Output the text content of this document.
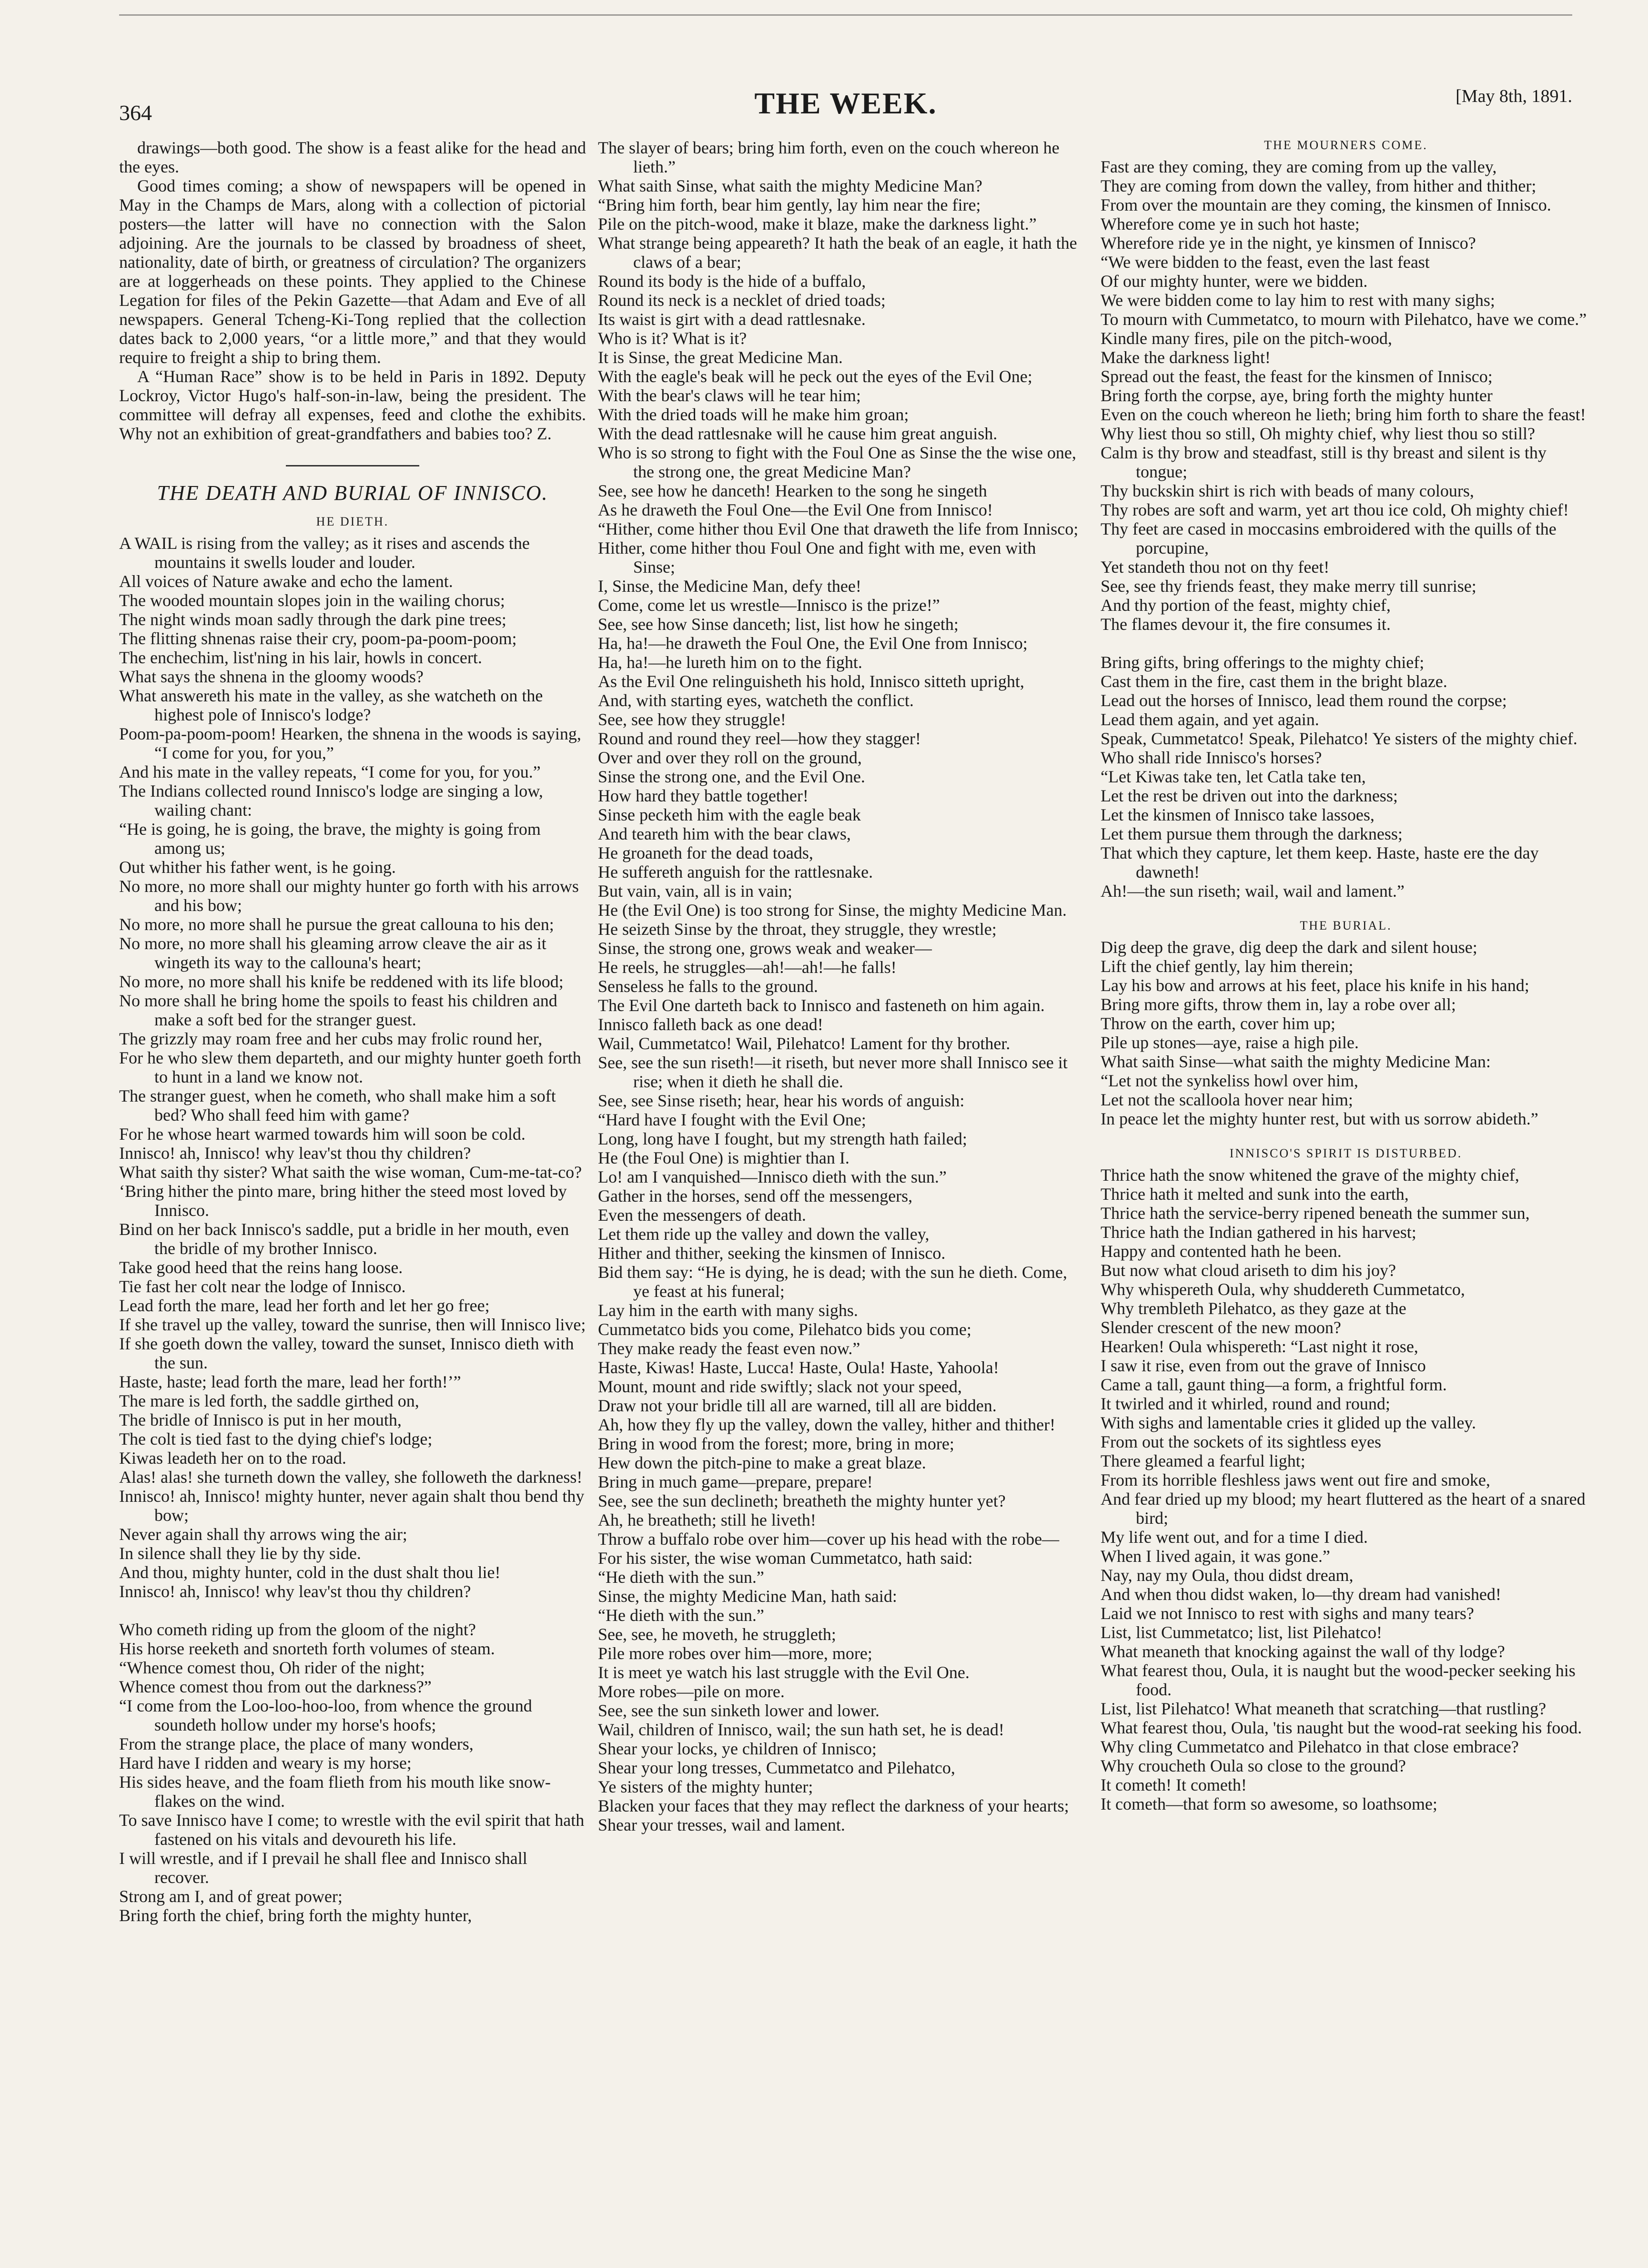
364	THE WEEK.	[May 8th, 1891.

drawings—both good. The show is a feast alike for the head and the eyes.

Good times coming; a show of newspapers will be opened in May in the Champs de Mars, along with a collection of pictorial posters—the latter will have no connection with the Salon adjoining. Are the journals to be classed by broadness of sheet, nationality, date of birth, or greatness of circulation? The organizers are at loggerheads on these points. They applied to the Chinese Legation for files of the Pekin Gazette—that Adam and Eve of all newspapers. General Tcheng-Ki-Tong replied that the collection dates back to 2,000 years, “or a little more,” and that they would require to freight a ship to bring them.

A “Human Race” show is to be held in Paris in 1892. Deputy Lockroy, Victor Hugo's half-son-in-law, being the president. The committee will defray all expenses, feed and clothe the exhibits. Why not an exhibition of great-grandfathers and babies too? Z.

THE DEATH AND BURIAL OF INNISCO.
HE DIETH.
A WAIL is rising from the valley; as it rises and ascends the mountains it swells louder and louder.
All voices of Nature awake and echo the lament.
The wooded mountain slopes join in the wailing chorus;
The night winds moan sadly through the dark pine trees;
The flitting shnenas raise their cry, poom-pa-poom-poom;
The enchechim, list'ning in his lair, howls in concert.
What says the shnena in the gloomy woods?
What answereth his mate in the valley, as she watcheth on the highest pole of Innisco's lodge?
Poom-pa-poom-poom! Hearken, the shnena in the woods is saying, “I come for you, for you,”
And his mate in the valley repeats, “I come for you, for you.”
The Indians collected round Innisco's lodge are singing a low, wailing chant:
“He is going, he is going, the brave, the mighty is going from among us;
Out whither his father went, is he going.
No more, no more shall our mighty hunter go forth with his arrows and his bow;
No more, no more shall he pursue the great callouna to his den;
No more, no more shall his gleaming arrow cleave the air as it wingeth its way to the callouna's heart;
No more, no more shall his knife be reddened with its life blood;
No more shall he bring home the spoils to feast his children and make a soft bed for the stranger guest.
The grizzly may roam free and her cubs may frolic round her,
For he who slew them departeth, and our mighty hunter goeth forth to hunt in a land we know not.
The stranger guest, when he cometh, who shall make him a soft bed? Who shall feed him with game?
For he whose heart warmed towards him will soon be cold.
Innisco! ah, Innisco! why leav'st thou thy children?
What saith thy sister? What saith the wise woman, Cum-me-tat-co?
‘Bring hither the pinto mare, bring hither the steed most loved by Innisco.
Bind on her back Innisco's saddle, put a bridle in her mouth, even the bridle of my brother Innisco.
Take good heed that the reins hang loose.
Tie fast her colt near the lodge of Innisco.
Lead forth the mare, lead her forth and let her go free;
If she travel up the valley, toward the sunrise, then will Innisco live;
If she goeth down the valley, toward the sunset, Innisco dieth with the sun.
Haste, haste; lead forth the mare, lead her forth!’”
The mare is led forth, the saddle girthed on,
The bridle of Innisco is put in her mouth,
The colt is tied fast to the dying chief's lodge;
Kiwas leadeth her on to the road.
Alas! alas! she turneth down the valley, she followeth the darkness!
Innisco! ah, Innisco! mighty hunter, never again shalt thou bend thy bow;
Never again shall thy arrows wing the air;
In silence shall they lie by thy side.
And thou, mighty hunter, cold in the dust shalt thou lie!
Innisco! ah, Innisco! why leav'st thou thy children?
Who cometh riding up from the gloom of the night?
His horse reeketh and snorteth forth volumes of steam.
“Whence comest thou, Oh rider of the night;
Whence comest thou from out the darkness?”
“I come from the Loo-loo-hoo-loo, from whence the ground soundeth hollow under my horse's hoofs;
From the strange place, the place of many wonders,
Hard have I ridden and weary is my horse;
His sides heave, and the foam flieth from his mouth like snow-flakes on the wind.
To save Innisco have I come; to wrestle with the evil spirit that hath fastened on his vitals and devoureth his life.
I will wrestle, and if I prevail he shall flee and Innisco shall recover.
Strong am I, and of great power;
Bring forth the chief, bring forth the mighty hunter,
The slayer of bears; bring him forth, even on the couch whereon he lieth.”
What saith Sinse, what saith the mighty Medicine Man?
“Bring him forth, bear him gently, lay him near the fire;
Pile on the pitch-wood, make it blaze, make the darkness light.”
What strange being appeareth? It hath the beak of an eagle, it hath the claws of a bear;
Round its body is the hide of a buffalo,
Round its neck is a necklet of dried toads;
Its waist is girt with a dead rattlesnake.
Who is it? What is it?
It is Sinse, the great Medicine Man.
With the eagle's beak will he peck out the eyes of the Evil One;
With the bear's claws will he tear him;
With the dried toads will he make him groan;
With the dead rattlesnake will he cause him great anguish.
Who is so strong to fight with the Foul One as Sinse the the wise one, the strong one, the great Medicine Man?
See, see how he danceth! Hearken to the song he singeth
As he draweth the Foul One—the Evil One from Innisco!
“Hither, come hither thou Evil One that draweth the life from Innisco;
Hither, come hither thou Foul One and fight with me, even with Sinse;
I, Sinse, the Medicine Man, defy thee!
Come, come let us wrestle—Innisco is the prize!”
See, see how Sinse danceth; list, list how he singeth;
Ha, ha!—he draweth the Foul One, the Evil One from Innisco;
Ha, ha!—he lureth him on to the fight.
As the Evil One relinguisheth his hold, Innisco sitteth upright,
And, with starting eyes, watcheth the conflict.
See, see how they struggle!
Round and round they reel—how they stagger!
Over and over they roll on the ground,
Sinse the strong one, and the Evil One.
How hard they battle together!
Sinse pecketh him with the eagle beak
And teareth him with the bear claws,
He groaneth for the dead toads,
He suffereth anguish for the rattlesnake.
But vain, vain, all is in vain;
He (the Evil One) is too strong for Sinse, the mighty Medicine Man.
He seizeth Sinse by the throat, they struggle, they wrestle;
Sinse, the strong one, grows weak and weaker—
He reels, he struggles—ah!—ah!—he falls!
Senseless he falls to the ground.
The Evil One darteth back to Innisco and fasteneth on him again.
Innisco falleth back as one dead!
Wail, Cummetatco! Wail, Pilehatco! Lament for thy brother.
See, see the sun riseth!—it riseth, but never more shall Innisco see it rise; when it dieth he shall die.
See, see Sinse riseth; hear, hear his words of anguish:
“Hard have I fought with the Evil One;
Long, long have I fought, but my strength hath failed;
He (the Foul One) is mightier than I.
Lo! am I vanquished—Innisco dieth with the sun.”
Gather in the horses, send off the messengers,
Even the messengers of death.
Let them ride up the valley and down the valley,
Hither and thither, seeking the kinsmen of Innisco.
Bid them say: “He is dying, he is dead; with the sun he dieth. Come, ye feast at his funeral;
Lay him in the earth with many sighs.
Cummetatco bids you come, Pilehatco bids you come;
They make ready the feast even now.”
Haste, Kiwas! Haste, Lucca! Haste, Oula! Haste, Yahoola!
Mount, mount and ride swiftly; slack not your speed,
Draw not your bridle till all are warned, till all are bidden.
Ah, how they fly up the valley, down the valley, hither and thither!
Bring in wood from the forest; more, bring in more;
Hew down the pitch-pine to make a great blaze.
Bring in much game—prepare, prepare!
See, see the sun declineth; breatheth the mighty hunter yet?
Ah, he breatheth; still he liveth!
Throw a buffalo robe over him—cover up his head with the robe—
For his sister, the wise woman Cummetatco, hath said:
“He dieth with the sun.”
Sinse, the mighty Medicine Man, hath said:
“He dieth with the sun.”
See, see, he moveth, he struggleth;
Pile more robes over him—more, more;
It is meet ye watch his last struggle with the Evil One.
More robes—pile on more.
See, see the sun sinketh lower and lower.
Wail, children of Innisco, wail; the sun hath set, he is dead!
Shear your locks, ye children of Innisco;
Shear your long tresses, Cummetatco and Pilehatco,
Ye sisters of the mighty hunter;
Blacken your faces that they may reflect the darkness of your hearts;
Shear your tresses, wail and lament.
THE MOURNERS COME.
Fast are they coming, they are coming from up the valley,
They are coming from down the valley, from hither and thither;
From over the mountain are they coming, the kinsmen of Innisco.
Wherefore come ye in such hot haste;
Wherefore ride ye in the night, ye kinsmen of Innisco?
“We were bidden to the feast, even the last feast
Of our mighty hunter, were we bidden.
We were bidden come to lay him to rest with many sighs;
To mourn with Cummetatco, to mourn with Pilehatco, have we come.”
Kindle many fires, pile on the pitch-wood,
Make the darkness light!
Spread out the feast, the feast for the kinsmen of Innisco;
Bring forth the corpse, aye, bring forth the mighty hunter
Even on the couch whereon he lieth; bring him forth to share the feast!
Why liest thou so still, Oh mighty chief, why liest thou so still?
Calm is thy brow and steadfast, still is thy breast and silent is thy tongue;
Thy buckskin shirt is rich with beads of many colours,
Thy robes are soft and warm, yet art thou ice cold, Oh mighty chief!
Thy feet are cased in moccasins embroidered with the quills of the porcupine,
Yet standeth thou not on thy feet!
See, see thy friends feast, they make merry till sunrise;
And thy portion of the feast, mighty chief,
The flames devour it, the fire consumes it.
Bring gifts, bring offerings to the mighty chief;
Cast them in the fire, cast them in the bright blaze.
Lead out the horses of Innisco, lead them round the corpse;
Lead them again, and yet again.
Speak, Cummetatco! Speak, Pilehatco! Ye sisters of the mighty chief.
Who shall ride Innisco's horses?
“Let Kiwas take ten, let Catla take ten,
Let the rest be driven out into the darkness;
Let the kinsmen of Innisco take lassoes,
Let them pursue them through the darkness;
That which they capture, let them keep. Haste, haste ere the day dawneth!
Ah!—the sun riseth; wail, wail and lament.”
THE BURIAL.
Dig deep the grave, dig deep the dark and silent house;
Lift the chief gently, lay him therein;
Lay his bow and arrows at his feet, place his knife in his hand;
Bring more gifts, throw them in, lay a robe over all;
Throw on the earth, cover him up;
Pile up stones—aye, raise a high pile.
What saith Sinse—what saith the mighty Medicine Man:
“Let not the synkeliss howl over him,
Let not the scalloola hover near him;
In peace let the mighty hunter rest, but with us sorrow abideth.”
INNISCO'S SPIRIT IS DISTURBED.
Thrice hath the snow whitened the grave of the mighty chief,
Thrice hath it melted and sunk into the earth,
Thrice hath the service-berry ripened beneath the summer sun,
Thrice hath the Indian gathered in his harvest;
Happy and contented hath he been.
But now what cloud ariseth to dim his joy?
Why whispereth Oula, why shuddereth Cummetatco,
Why trembleth Pilehatco, as they gaze at the
Slender crescent of the new moon?
Hearken! Oula whispereth: “Last night it rose,
I saw it rise, even from out the grave of Innisco
Came a tall, gaunt thing—a form, a frightful form.
It twirled and it whirled, round and round;
With sighs and lamentable cries it glided up the valley.
From out the sockets of its sightless eyes
There gleamed a fearful light;
From its horrible fleshless jaws went out fire and smoke,
And fear dried up my blood; my heart fluttered as the heart of a snared bird;
My life went out, and for a time I died.
When I lived again, it was gone.”
Nay, nay my Oula, thou didst dream,
And when thou didst waken, lo—thy dream had vanished!
Laid we not Innisco to rest with sighs and many tears?
List, list Cummetatco; list, list Pilehatco!
What meaneth that knocking against the wall of thy lodge?
What fearest thou, Oula, it is naught but the wood-pecker seeking his food.
List, list Pilehatco! What meaneth that scratching—that rustling?
What fearest thou, Oula, 'tis naught but the wood-rat seeking his food.
Why cling Cummetatco and Pilehatco in that close embrace?
Why croucheth Oula so close to the ground?
It cometh! It cometh!
It cometh—that form so awesome, so loathsome;
